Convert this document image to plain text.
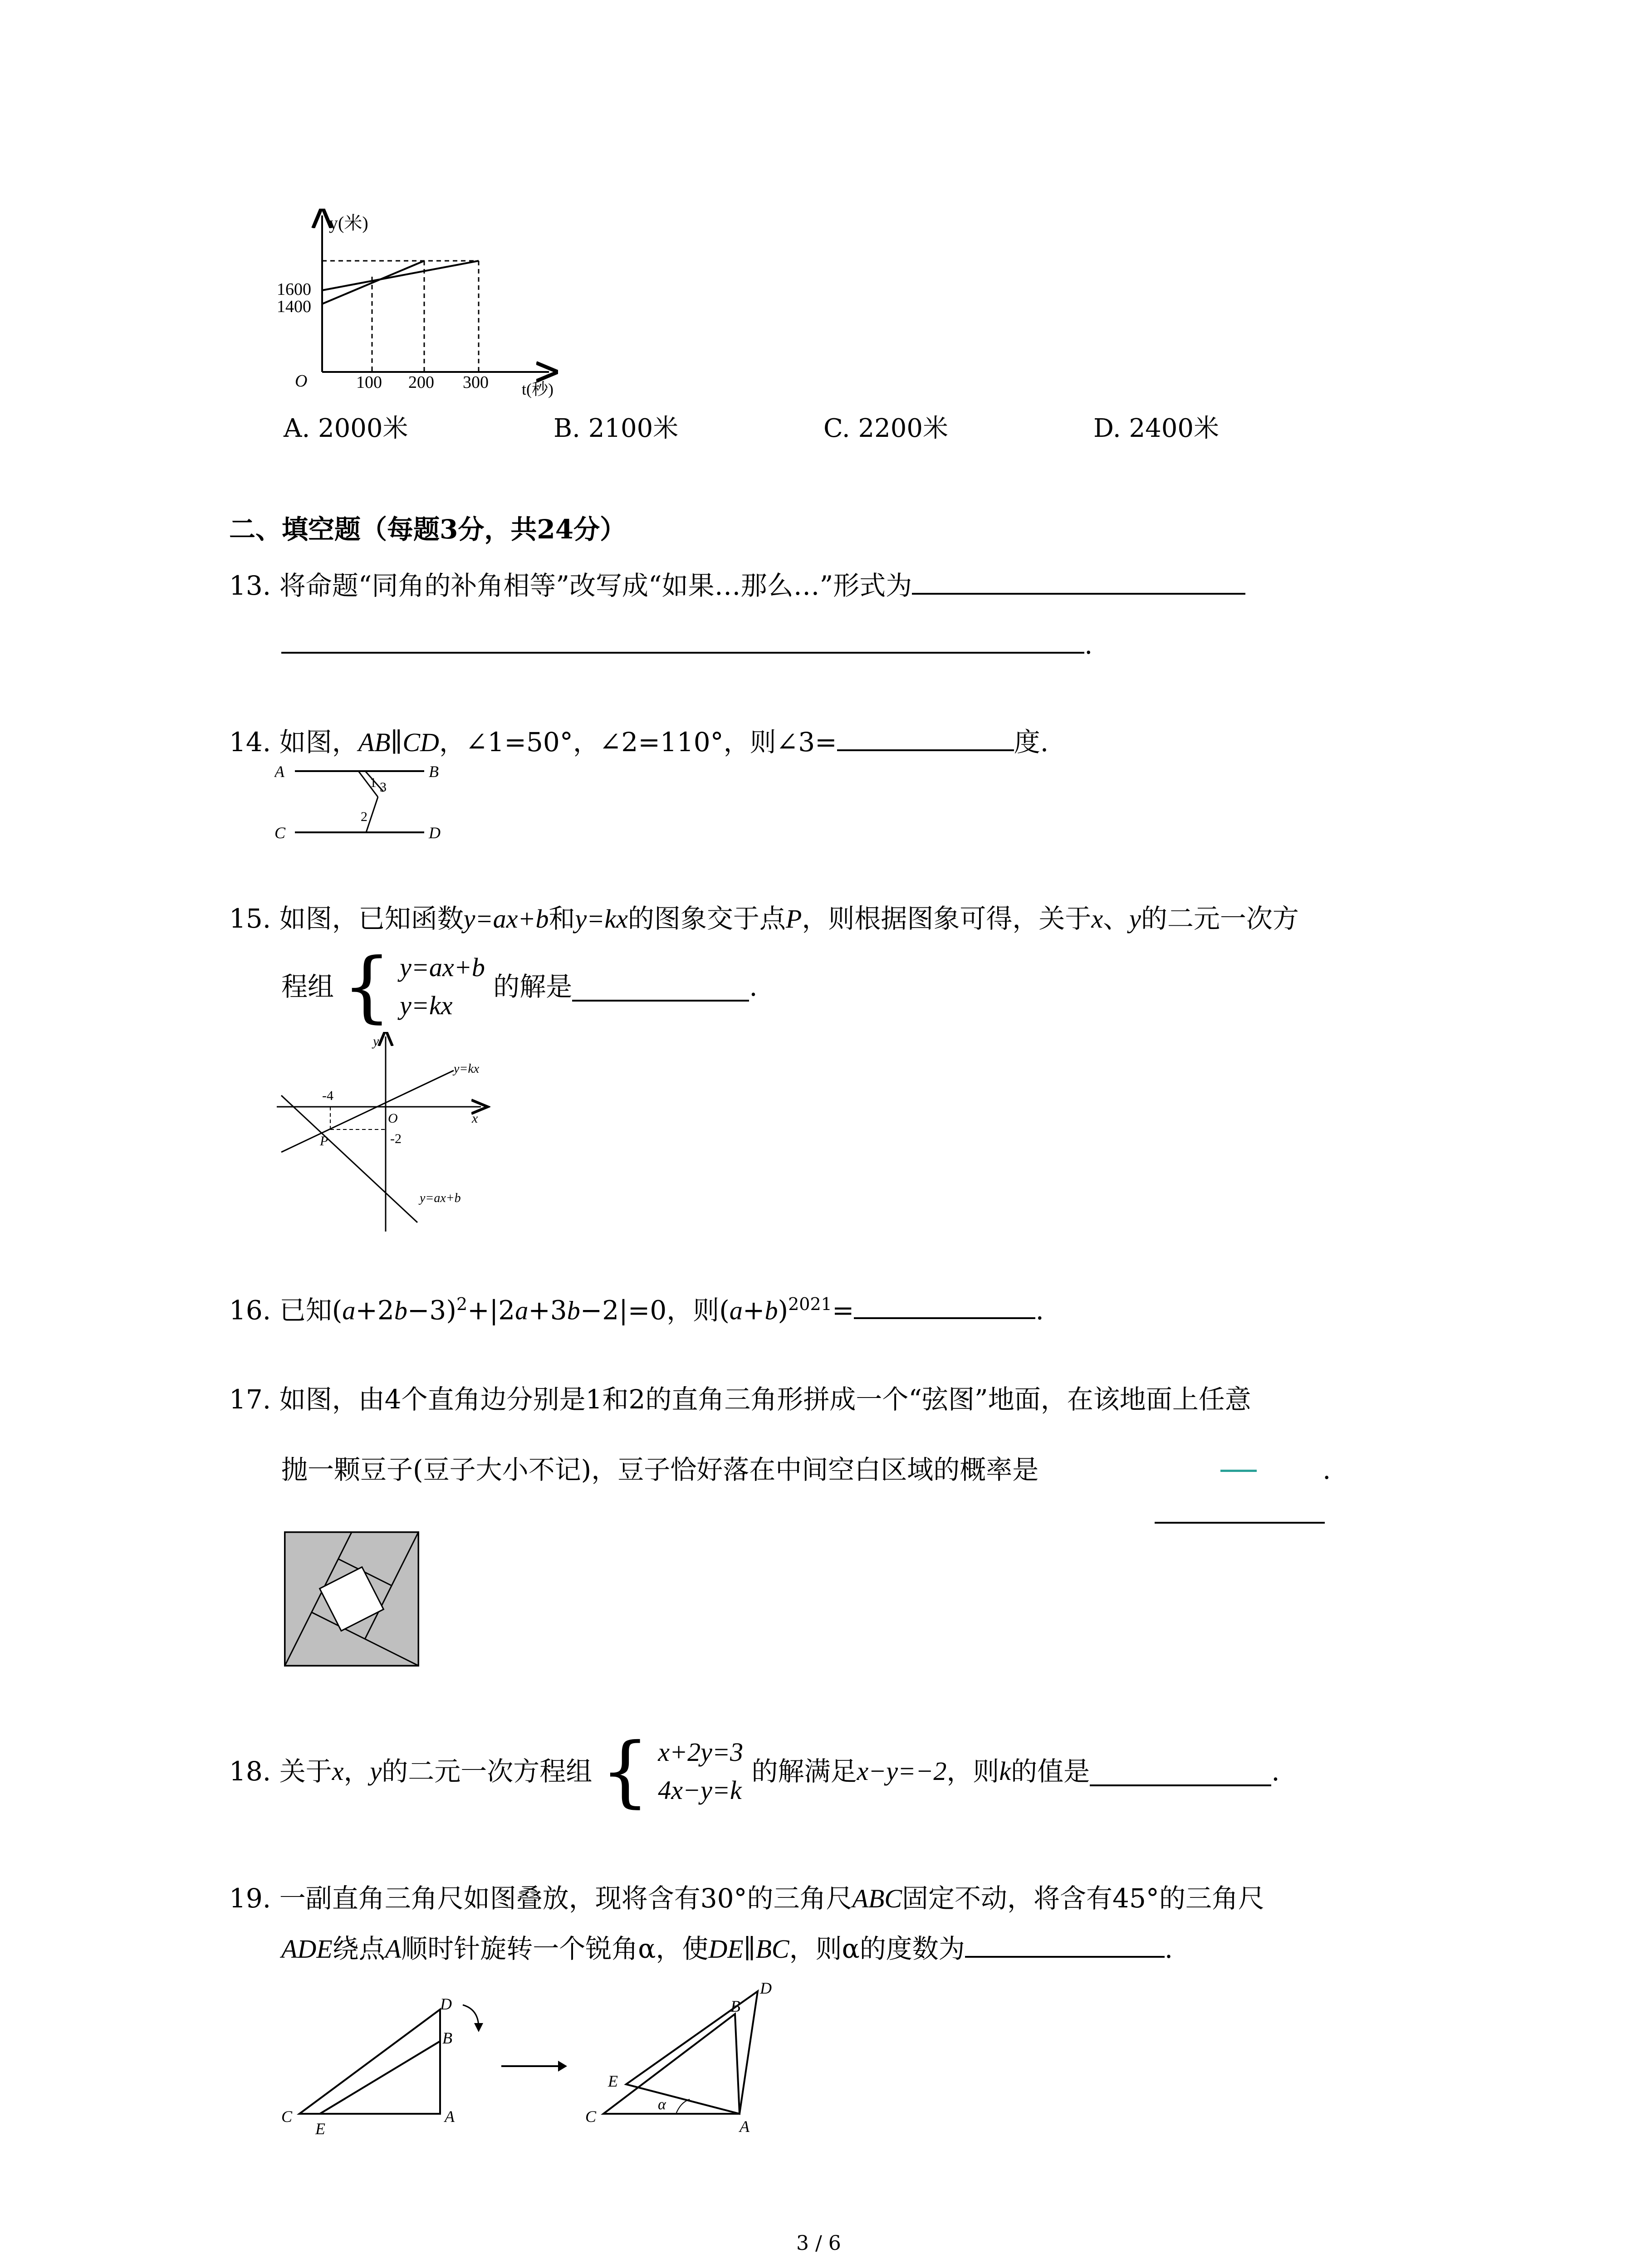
y(米)
1600
1400
O	100 200 300 t(秒)
A. 2000米	B. 2100米	C. 2200米	D. 2400米
二、填空题（每题3分，共24分）
13. 将命题“同角的补角相等”改写成“如果…那么…”形式为
.
14. 如图，AB∥CD，∠1=50°，∠2=110°，则∠3=	度.
A	B
C	D
1 3
2
15. 如图，已知函数y=ax+b和y=kx的图象交于点P，则根据图象可得，关于x、y的二元一次方
程组 { y=ax+b
y=kx
的解是	.
y
x
O
-4
-2
P
y=kx
y=ax+b
16. 已知$(a+2b-3)^2+|2a+3b-2|=0$，则$(a+b)^{2021}=$	.
17. 如图，由4个直角边分别是1和2的直角三角形拼成一个“弦图”地面，在该地面上任意
抛一颗豆子(豆子大小不记)，豆子恰好落在中间空白区域的概率是	.
18. 关于x，y的二元一次方程组 { x+2y=3
4x−y=k
的解满足x−y=−2，则k的值是	.
19. 一副直角三角尺如图叠放，现将含有30°的三角尺ABC固定不动，将含有45°的三角尺
ADE绕点A顺时针旋转一个锐角α，使DE∥BC，则α的度数为	.
C	A
D
B
E
C
A
D
B
E
α
3 / 6
